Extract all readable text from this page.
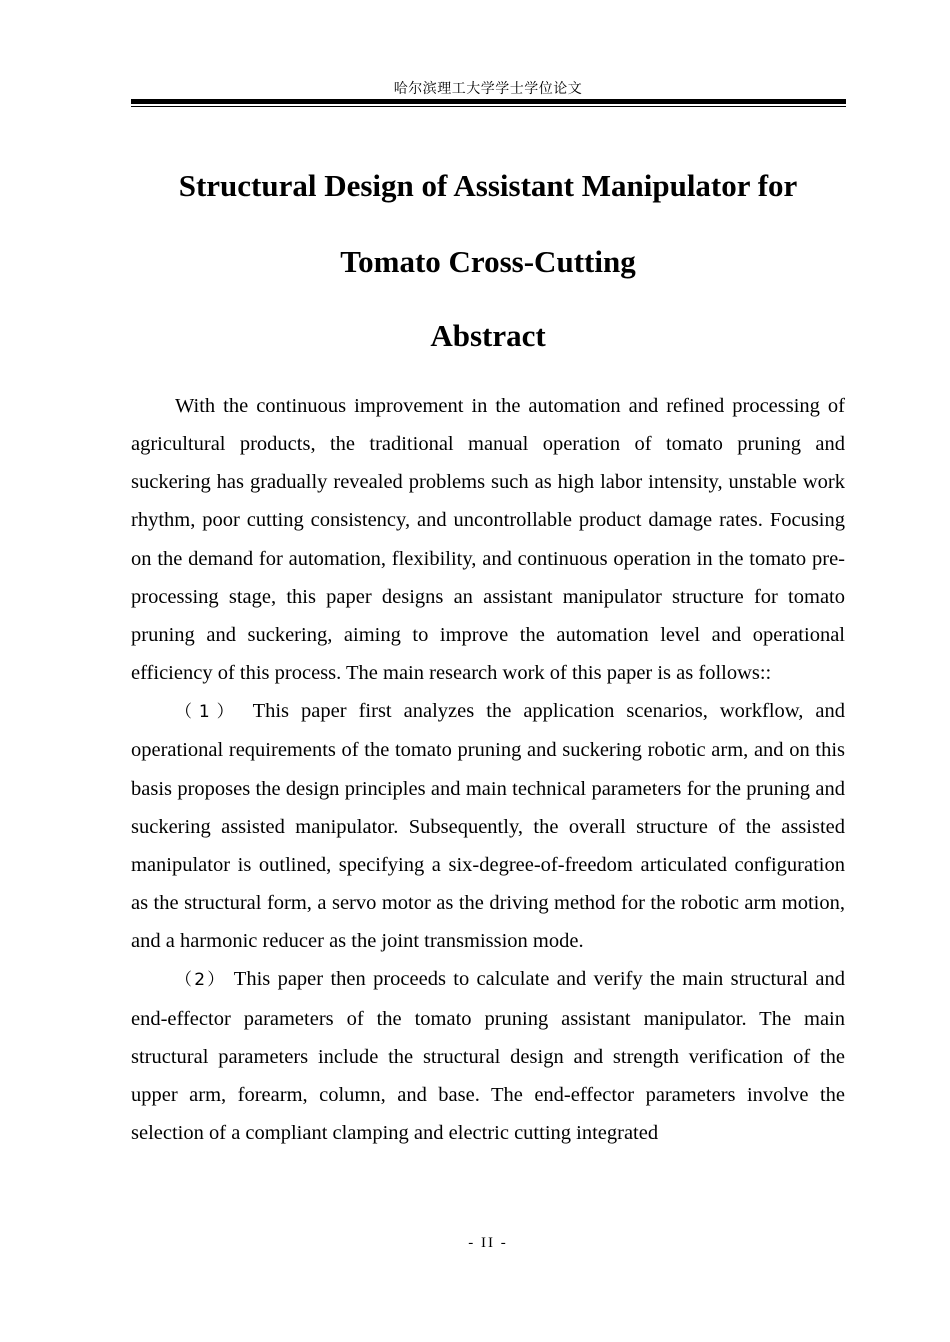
哈尔滨理工大学学士学位论文
Structural Design of Assistant Manipulator for
Tomato Cross-Cutting
Abstract

With the continuous improvement in the automation and refined processing of agricultural products, the traditional manual operation of tomato pruning and suckering has gradually revealed problems such as high labor intensity, unstable work rhythm, poor cutting consistency, and uncontrollable product damage rates. Focusing on the demand for automation, flexibility, and continuous operation in the tomato pre-processing stage, this paper designs an assistant manipulator structure for tomato pruning and suckering, aiming to improve the automation level and operational efficiency of this process. The main research work of this paper is as follows::

（1） This paper first analyzes the application scenarios, workflow, and operational requirements of the tomato pruning and suckering robotic arm, and on this basis proposes the design principles and main technical parameters for the pruning and suckering assisted manipulator. Subsequently, the overall structure of the assisted manipulator is outlined, specifying a six-degree-of-freedom articulated configuration as the structural form, a servo motor as the driving method for the robotic arm motion, and a harmonic reducer as the joint transmission mode.

（2） This paper then proceeds to calculate and verify the main structural and end-effector parameters of the tomato pruning assistant manipulator. The main structural parameters include the structural design and strength verification of the upper arm, forearm, column, and base. The end-effector parameters involve the selection of a compliant clamping and electric cutting integrated

- II -
